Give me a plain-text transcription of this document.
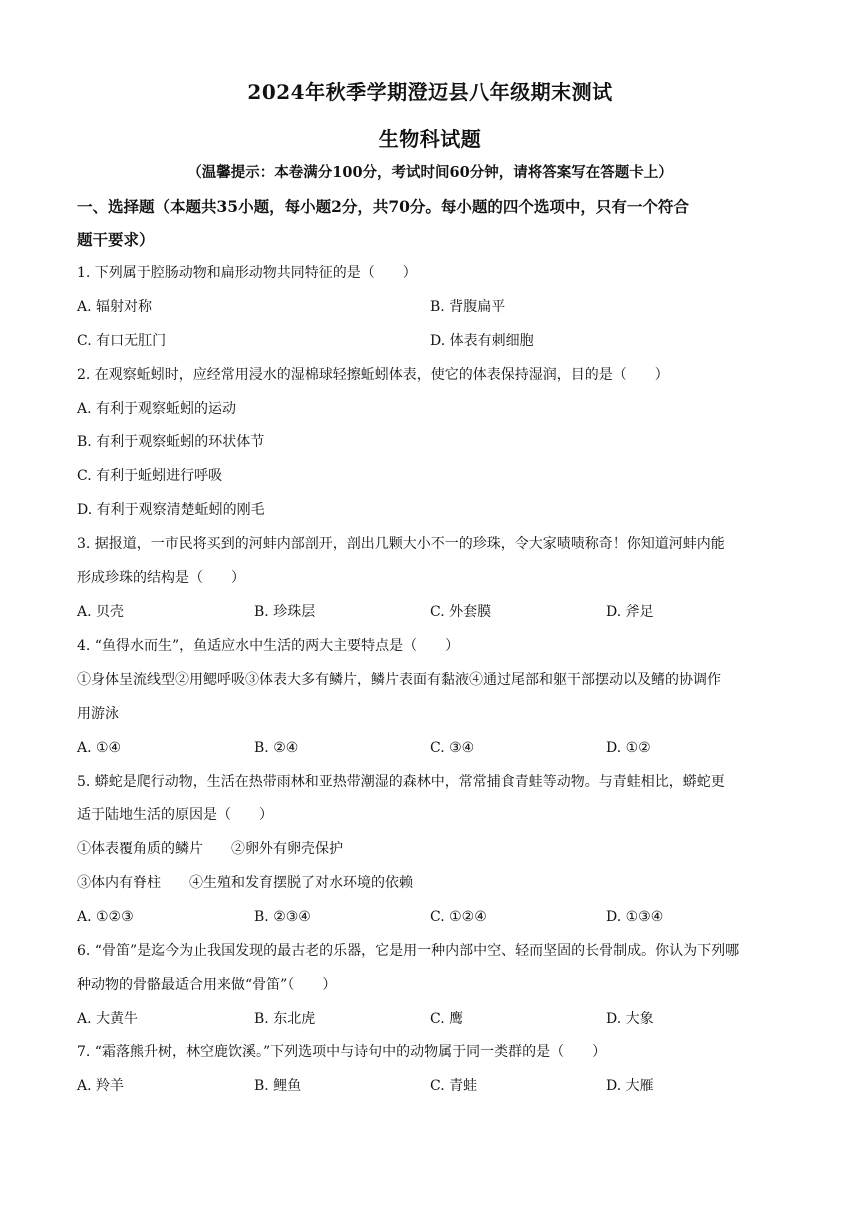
2024年秋季学期澄迈县八年级期末测试
生物科试题
（温馨提示：本卷满分100分，考试时间60分钟，请将答案写在答题卡上）
一、选择题（本题共35小题，每小题2分，共70分。每小题的四个选项中，只有一个符合
题干要求）
1. 下列属于腔肠动物和扁形动物共同特征的是（　　）
A. 辐射对称	B. 背腹扁平
C. 有口无肛门	D. 体表有刺细胞
2. 在观察蚯蚓时，应经常用浸水的湿棉球轻擦蚯蚓体表，使它的体表保持湿润，目的是（　　）
A. 有利于观察蚯蚓的运动
B. 有利于观察蚯蚓的环状体节
C. 有利于蚯蚓进行呼吸
D. 有利于观察清楚蚯蚓的刚毛
3. 据报道，一市民将买到的河蚌内部剖开，剖出几颗大小不一的珍珠，令大家啧啧称奇！你知道河蚌内能
形成珍珠的结构是（　　）
A. 贝壳	B. 珍珠层	C. 外套膜	D. 斧足
4. “鱼得水而生”，鱼适应水中生活的两大主要特点是（　　）
①身体呈流线型②用鳃呼吸③体表大多有鳞片，鳞片表面有黏液④通过尾部和躯干部摆动以及鳍的协调作
用游泳
A. ①④	B. ②④	C. ③④	D. ①②
5. 蟒蛇是爬行动物，生活在热带雨林和亚热带潮湿的森林中，常常捕食青蛙等动物。与青蛙相比，蟒蛇更
适于陆地生活的原因是（　　）
①体表覆角质的鳞片　　②卵外有卵壳保护
③体内有脊柱　　④生殖和发育摆脱了对水环境的依赖
A. ①②③	B. ②③④	C. ①②④	D. ①③④
6. “骨笛”是迄今为止我国发现的最古老的乐器，它是用一种内部中空、轻而坚固的长骨制成。你认为下列哪
种动物的骨骼最适合用来做“骨笛”（　　）
A. 大黄牛	B. 东北虎	C. 鹰	D. 大象
7. “霜落熊升树，林空鹿饮溪。”下列选项中与诗句中的动物属于同一类群的是（　　）
A. 羚羊	B. 鲤鱼	C. 青蛙	D. 大雁
